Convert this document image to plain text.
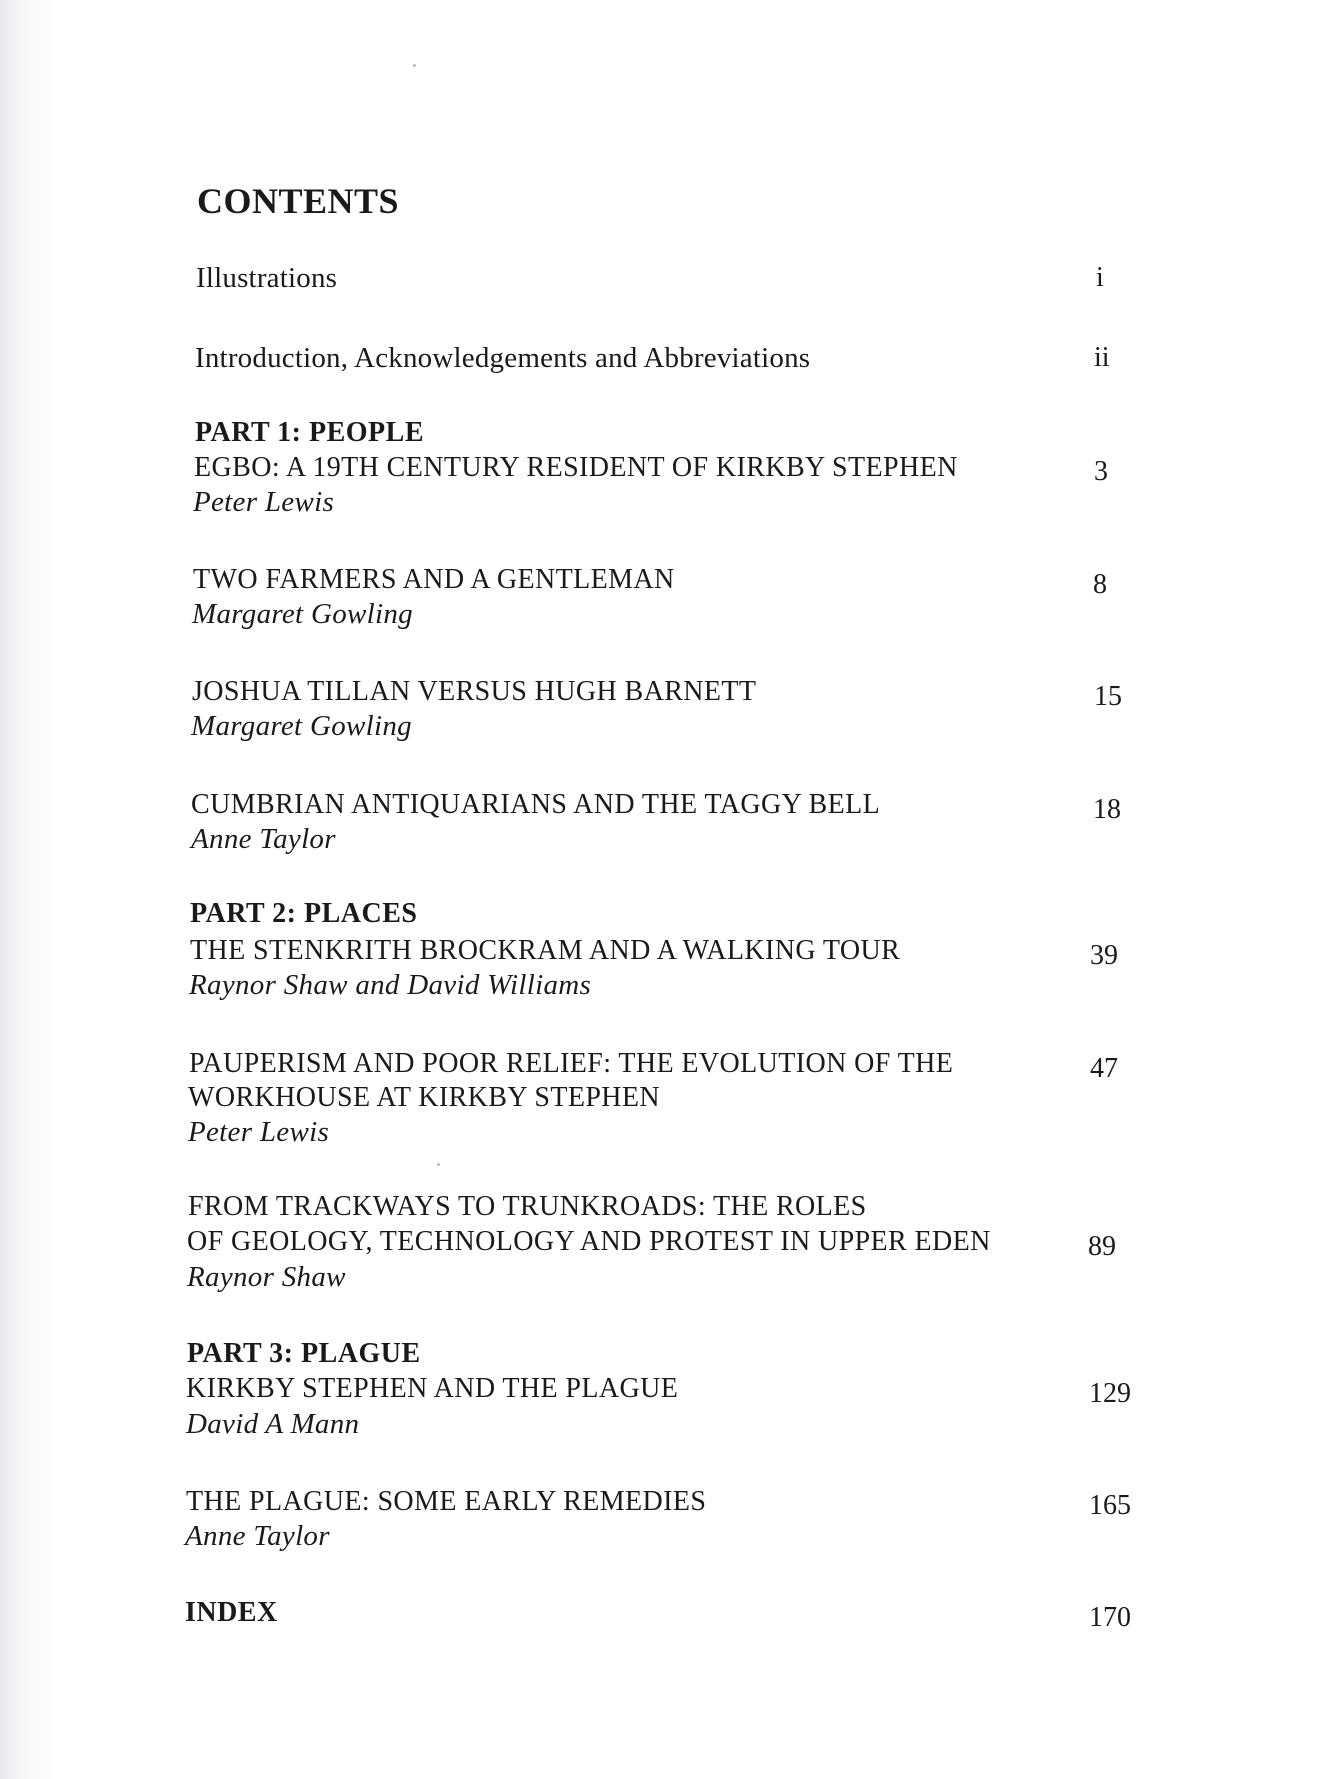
CONTENTS
Illustrations	i
Introduction, Acknowledgements and Abbreviations	ii
PART 1: PEOPLE
EGBO: A 19TH CENTURY RESIDENT OF KIRKBY STEPHEN	3
Peter Lewis
TWO FARMERS AND A GENTLEMAN	8
Margaret Gowling
JOSHUA TILLAN VERSUS HUGH BARNETT	15
Margaret Gowling
CUMBRIAN ANTIQUARIANS AND THE TAGGY BELL	18
Anne Taylor
PART 2: PLACES
THE STENKRITH BROCKRAM AND A WALKING TOUR	39
Raynor Shaw and David Williams
PAUPERISM AND POOR RELIEF: THE EVOLUTION OF THE	47
WORKHOUSE AT KIRKBY STEPHEN
Peter Lewis
FROM TRACKWAYS TO TRUNKROADS: THE ROLES
OF GEOLOGY, TECHNOLOGY AND PROTEST IN UPPER EDEN	89
Raynor Shaw
PART 3: PLAGUE
KIRKBY STEPHEN AND THE PLAGUE	129
David A Mann
THE PLAGUE: SOME EARLY REMEDIES	165
Anne Taylor
INDEX	170
